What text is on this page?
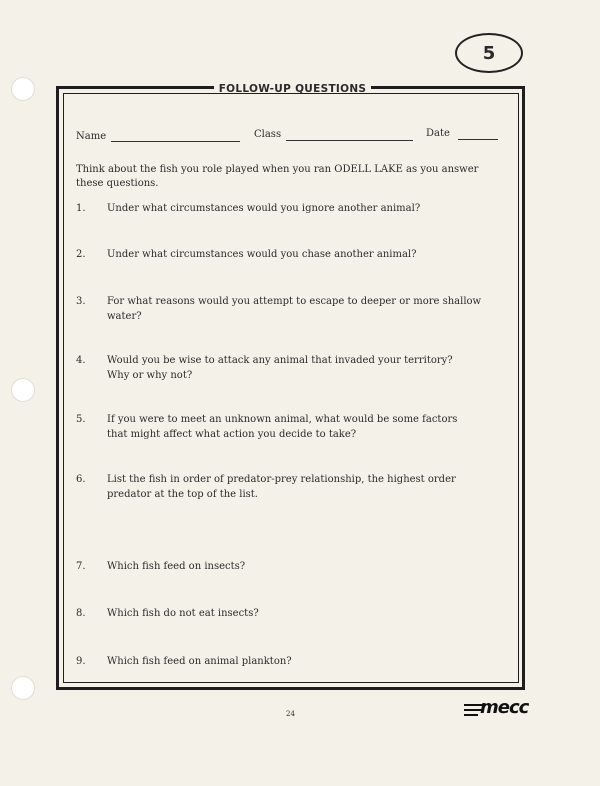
5
FOLLOW-UP QUESTIONS
Name	Class	Date
Think about the fish you role played when you ran ODELL LAKE as you answer these questions.
1.	Under what circumstances would you ignore another animal?
2.	Under what circumstances would you chase another animal?
3.	For what reasons would you attempt to escape to deeper or more shallow
water?
4.	Would you be wise to attack any animal that invaded your territory?
Why or why not?
5.	If you were to meet an unknown animal, what would be some factors
that might affect what action you decide to take?
6.	List the fish in order of predator-prey relationship, the highest order
predator at the top of the list.
7.	Which fish feed on insects?
8.	Which fish do not eat insects?
9.	Which fish feed on animal plankton?
24	mecc
